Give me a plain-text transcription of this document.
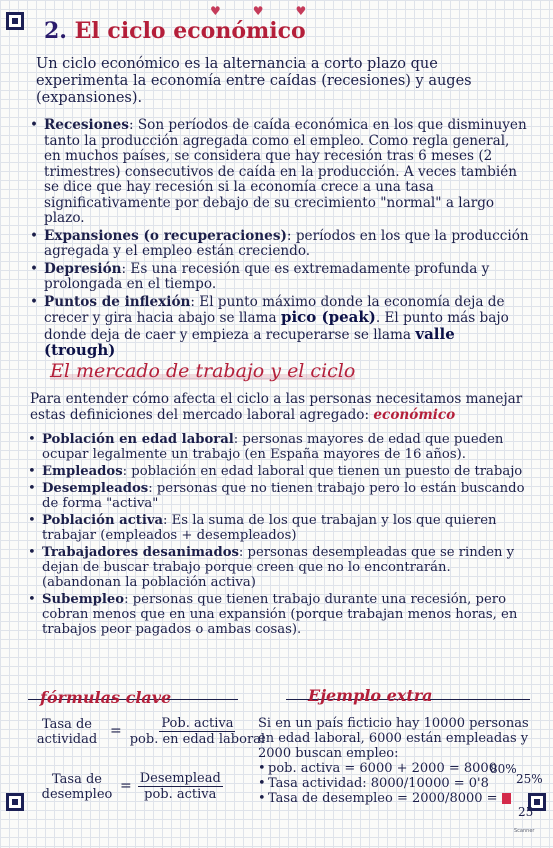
♥♥♥
2. El ciclo económico
Un ciclo económico es la alternancia a corto plazo que experimenta la economía entre caídas (recesiones) y auges (expansiones).
• Recesiones: Son períodos de caída económica en los que disminuyen tanto la producción agregada como el empleo. Como regla general, en muchos países, se considera que hay recesión tras 6 meses (2 trimestres) consecutivos de caída en la producción. A veces también se dice que hay recesión si la economía crece a una tasa significativamente por debajo de su crecimiento "normal" a largo plazo.
• Expansiones (o recuperaciones): períodos en los que la producción agregada y el empleo están creciendo.
• Depresión: Es una recesión que es extremadamente profunda y prolongada en el tiempo.
• Puntos de inflexión: El punto máximo donde la economía deja de crecer y gira hacia abajo se llama pico (peak). El punto más bajo donde deja de caer y empieza a recuperarse se llama valle (trough)
El mercado de trabajo y el ciclo
Para entender cómo afecta el ciclo a las personas necesitamos manejar estas definiciones del mercado laboral agregado: económico
• Población en edad laboral: personas mayores de edad que pueden ocupar legalmente un trabajo (en España mayores de 16 años).
• Empleados: población en edad laboral que tienen un puesto de trabajo
• Desempleados: personas que no tienen trabajo pero lo están buscando de forma "activa"
• Población activa: Es la suma de los que trabajan y los que quieren trabajar (empleados + desempleados)
• Trabajadores desanimados: personas desempleadas que se rinden y dejan de buscar trabajo porque creen que no lo encontrarán. (abandonan la población activa)
• Subempleo: personas que tienen trabajo durante una recesión, pero cobran menos que en una expansión (porque trabajan menos horas, en trabajos peor pagados o ambas cosas).
fórmulas clave	Ejemplo extra
Tasa de actividad = $\frac{\text{Pob. activa}}{\text{pob. en edad laboral}}$
Tasa de desempleo = $\frac{\text{Desemplead}}{\text{pob. activa}}$
Si en un país ficticio hay 10000 personas en edad laboral, 6000 están empleadas y 2000 buscan empleo:
• pob. activa = 6000 + 2000 = 8000
• Tasa actividad: 8000/10000 = 0'8
• Tasa de desempleo = 2000/8000 =
80%
25%
25
Scanner
